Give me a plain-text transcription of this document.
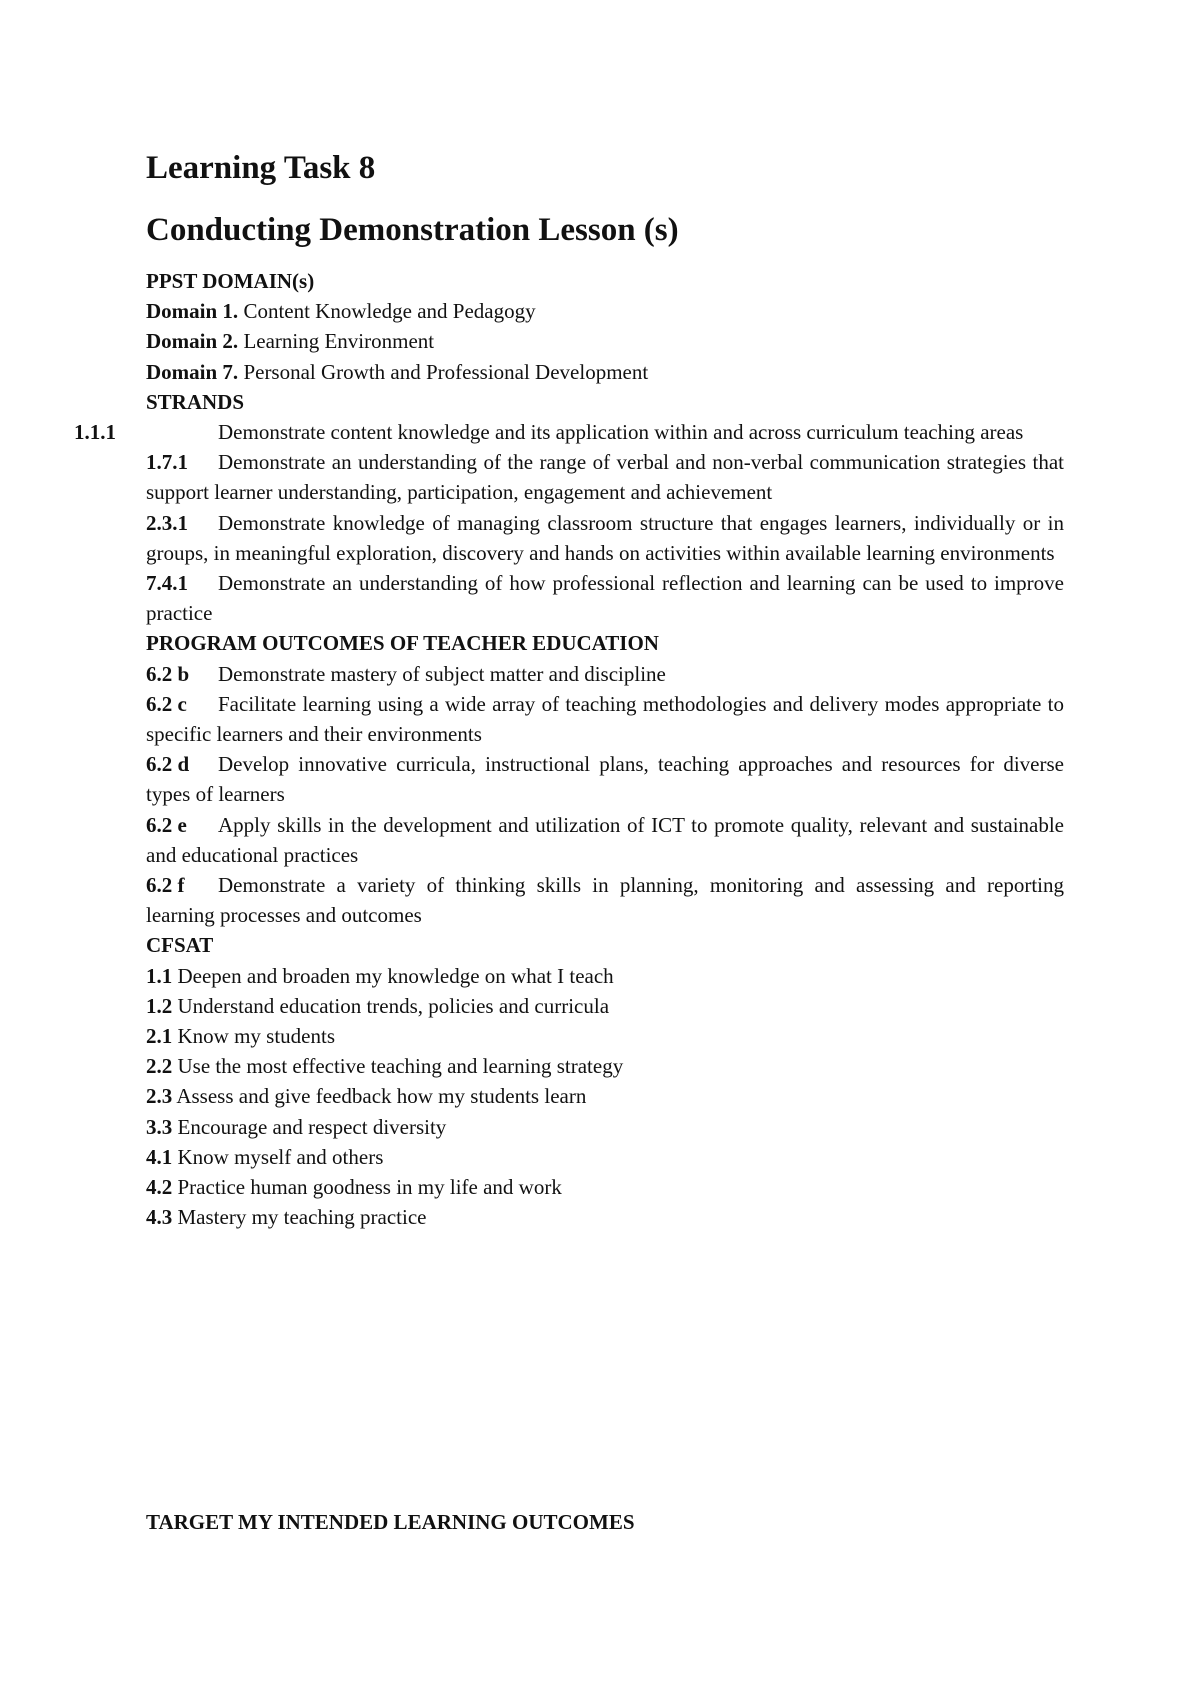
Learning Task 8
Conducting Demonstration Lesson (s)
PPST DOMAIN(s)
Domain 1. Content Knowledge and Pedagogy
Domain 2. Learning Environment
Domain 7. Personal Growth and Professional Development
STRANDS
1.1.1	Demonstrate content knowledge and its application within and across curriculum teaching areas
1.7.1 Demonstrate an understanding of the range of verbal and non-verbal communication strategies that support learner understanding, participation, engagement and achievement
2.3.1 Demonstrate knowledge of managing classroom structure that engages learners, individually or in groups, in meaningful exploration, discovery and hands on activities within available learning environments
7.4.1 Demonstrate an understanding of how professional reflection and learning can be used to improve practice
PROGRAM OUTCOMES OF TEACHER EDUCATION
6.2 b Demonstrate mastery of subject matter and discipline
6.2 c Facilitate learning using a wide array of teaching methodologies and delivery modes appropriate to specific learners and their environments
6.2 d Develop innovative curricula, instructional plans, teaching approaches and resources for diverse types of learners
6.2 e Apply skills in the development and utilization of ICT to promote quality, relevant and sustainable and educational practices
6.2 f Demonstrate a variety of thinking skills in planning, monitoring and assessing and reporting learning processes and outcomes
CFSAT
1.1 Deepen and broaden my knowledge on what I teach
1.2 Understand education trends, policies and curricula
2.1 Know my students
2.2 Use the most effective teaching and learning strategy
2.3 Assess and give feedback how my students learn
3.3 Encourage and respect diversity
4.1 Know myself and others
4.2 Practice human goodness in my life and work
4.3 Mastery my teaching practice
TARGET MY INTENDED LEARNING OUTCOMES
